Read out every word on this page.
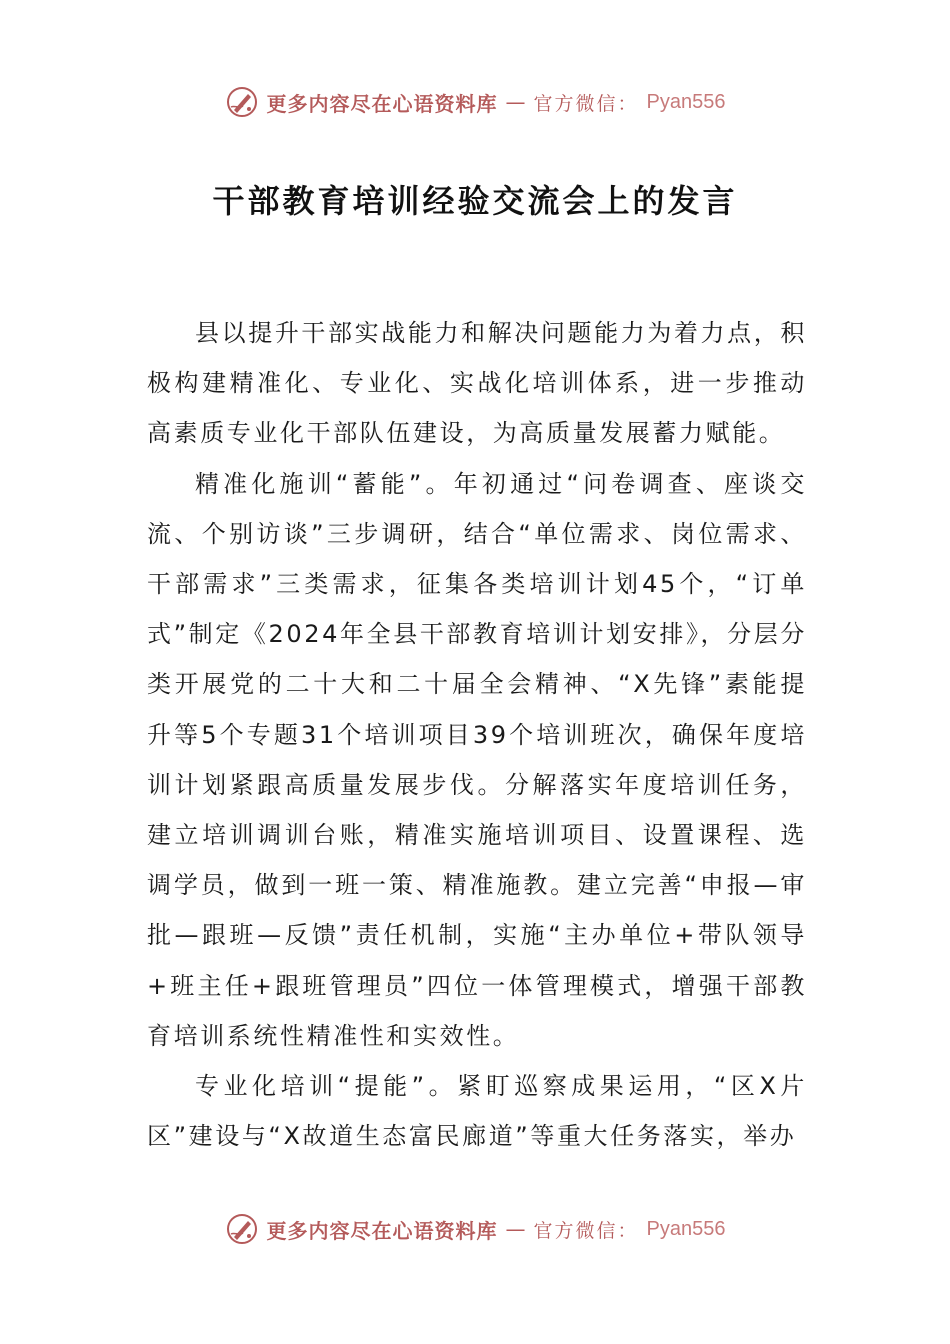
更多内容尽在心语资料库 — 官方微信： Pyan556
干部教育培训经验交流会上的发言

县以提升干部实战能力和解决问题能力为着力点，积极构建精准化、专业化、实战化培训体系，进一步推动高素质专业化干部队伍建设，为高质量发展蓄力赋能。

精准化施训“蓄能”。年初通过“问卷调查、座谈交流、个别访谈”三步调研，结合“单位需求、岗位需求、干部需求”三类需求，征集各类培训计划45个，“订单式”制定《2024年全县干部教育培训计划安排》，分层分类开展党的二十大和二十届全会精神、“X先锋”素能提升等5个专题31个培训项目39个培训班次，确保年度培训计划紧跟高质量发展步伐。分解落实年度培训任务，建立培训调训台账，精准实施培训项目、设置课程、选调学员，做到一班一策、精准施教。建立完善“申报—审批—跟班—反馈”责任机制，实施“主办单位+带队领导+班主任+跟班管理员”四位一体管理模式，增强干部教育培训系统性精准性和实效性。

专业化培训“提能”。紧盯巡察成果运用，“区X片区”建设与“X故道生态富民廊道”等重大任务落实，举办

更多内容尽在心语资料库 — 官方微信： Pyan556
